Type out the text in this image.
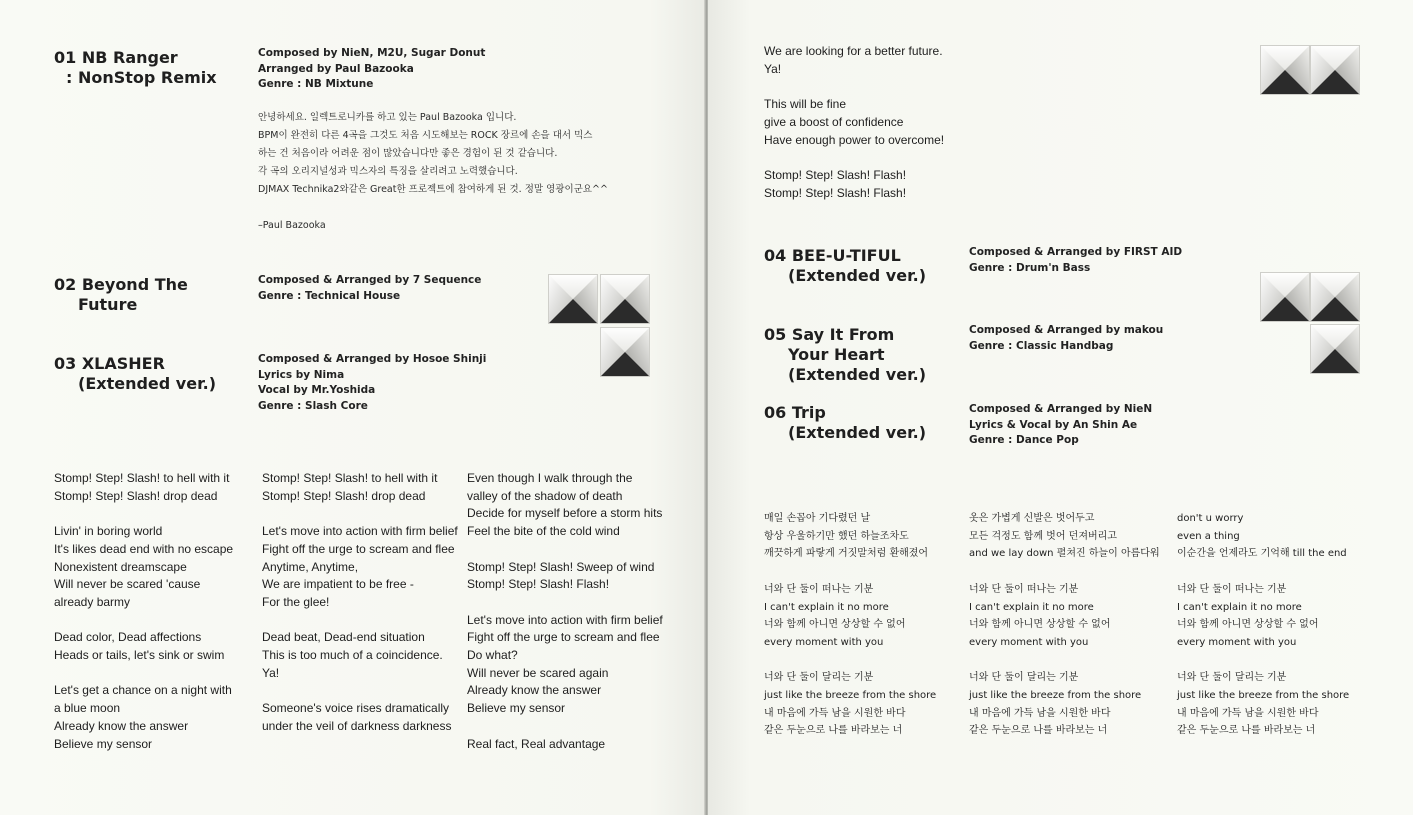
01 NB Ranger
: NonStop Remix
Composed by NieN, M2U, Sugar Donut
Arranged by Paul Bazooka
Genre : NB Mixtune
안녕하세요. 일렉트로니카를 하고 있는 Paul Bazooka 입니다.
BPM이 완전히 다른 4곡을 그것도 처음 시도해보는 ROCK 장르에 손을 대서 믹스
하는 건 처음이라 어려운 점이 많았습니다만 좋은 경험이 된 것 같습니다.
각 곡의 오리지널성과 믹스자의 특징을 살리려고 노력했습니다.
DJMAX Technika2와같은 Great한 프로젝트에 참여하게 된 것. 정말 영광이군요^^
–Paul Bazooka
02 Beyond The
Future
Composed & Arranged by 7 Sequence
Genre : Technical House
03 XLASHER
(Extended ver.)
Composed & Arranged by Hosoe Shinji
Lyrics by Nima
Vocal by Mr.Yoshida
Genre : Slash Core
Stomp! Step! Slash! to hell with it
Stomp! Step! Slash! drop dead
Livin' in boring world
It's likes dead end with no escape
Nonexistent dreamscape
Will never be scared 'cause
already barmy
Dead color, Dead affections
Heads or tails, let's sink or swim
Let's get a chance on a night with
a blue moon
Already know the answer
Believe my sensor
Stomp! Step! Slash! to hell with it
Stomp! Step! Slash! drop dead
Let's move into action with firm belief
Fight off the urge to scream and flee
Anytime, Anytime,
We are impatient to be free -
For the glee!
Dead beat, Dead-end situation
This is too much of a coincidence.
Ya!
Someone's voice rises dramatically
under the veil of darkness darkness
Even though I walk through the
valley of the shadow of death
Decide for myself before a storm hits
Feel the bite of the cold wind
Stomp! Step! Slash! Sweep of wind
Stomp! Step! Slash! Flash!
Let's move into action with firm belief
Fight off the urge to scream and flee
Do what?
Will never be scared again
Already know the answer
Believe my sensor
Real fact, Real advantage
We are looking for a better future.
Ya!
This will be fine
give a boost of confidence
Have enough power to overcome!
Stomp! Step! Slash! Flash!
Stomp! Step! Slash! Flash!
04 BEE-U-TIFUL
(Extended ver.)
Composed & Arranged by FIRST AID
Genre : Drum'n Bass
05 Say It From
Your Heart
(Extended ver.)
Composed & Arranged by makou
Genre : Classic Handbag
06 Trip
(Extended ver.)
Composed & Arranged by NieN
Lyrics & Vocal by An Shin Ae
Genre : Dance Pop
매일 손꼽아 기다렸던 날
항상 우울하기만 했던 하늘조차도
깨끗하게 파랗게 거짓말처럼 환해졌어
너와 단 둘이 떠나는 기분
I can't explain it no more
너와 함께 아니면 상상할 수 없어
every moment with you
너와 단 둘이 달리는 기분
just like the breeze from the shore
내 마음에 가득 남을 시원한 바다
같은 두눈으로 나를 바라보는 너
옷은 가볍게 신발은 벗어두고
모든 걱정도 함께 벗어 던져버리고
and we lay down 펼쳐진 하늘이 아름다워
너와 단 둘이 떠나는 기분
I can't explain it no more
너와 함께 아니면 상상할 수 없어
every moment with you
너와 단 둘이 달리는 기분
just like the breeze from the shore
내 마음에 가득 남을 시원한 바다
같은 두눈으로 나를 바라보는 너
don't u worry
even a thing
이순간을 언제라도 기억해 till the end
너와 단 둘이 떠나는 기분
I can't explain it no more
너와 함께 아니면 상상할 수 없어
every moment with you
너와 단 둘이 달리는 기분
just like the breeze from the shore
내 마음에 가득 남을 시원한 바다
같은 두눈으로 나를 바라보는 너
